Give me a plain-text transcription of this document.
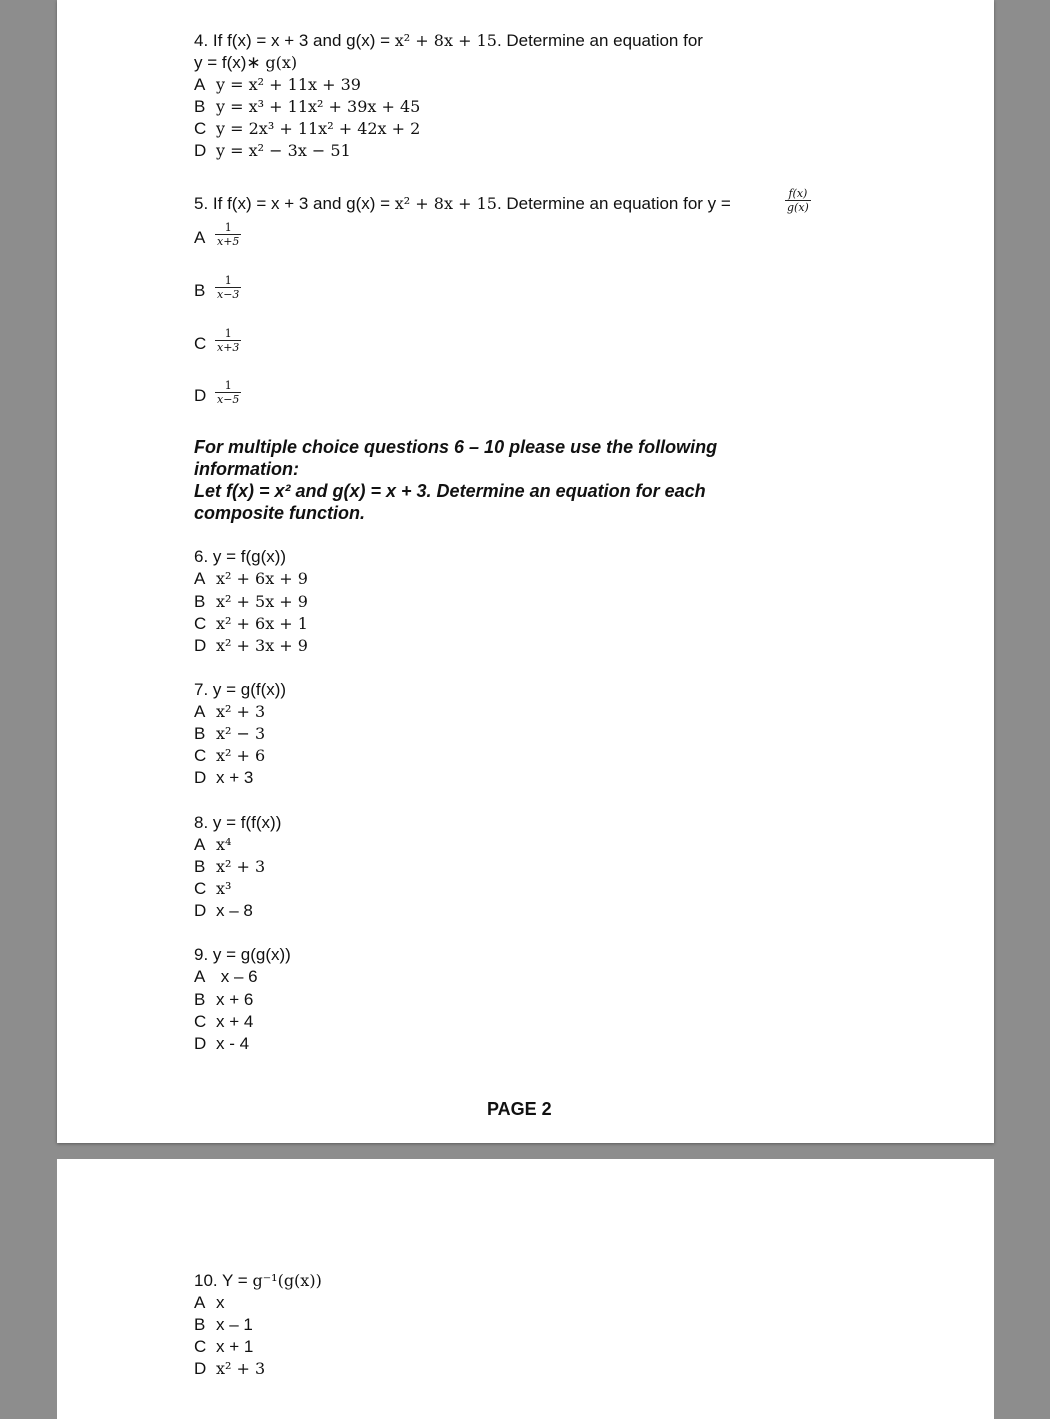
4. If f(x) = x + 3 and g(x) = x² + 8x + 15. Determine an equation for
y = f(x)∗ g(x)
A y = x² + 11x + 39
B y = x³ + 11x² + 39x + 45
C y = 2x³ + 11x² + 42x + 2
D y = x² − 3x − 51
5. If f(x) = x + 3 and g(x) = x² + 8x + 15. Determine an equation for y =
f(x)
g(x)
A
1
x+5
B
1
x−3
C
1
x+3
D
1
x−5
For multiple choice questions 6 – 10 please use the following
information:
Let f(x) = x² and g(x) = x + 3. Determine an equation for each
composite function.
6. y = f(g(x))
A x² + 6x + 9
B x² + 5x + 9
C x² + 6x + 1
D x² + 3x + 9
7. y = g(f(x))
A x² + 3
B x² − 3
C x² + 6
D x + 3
8. y = f(f(x))
A x⁴
B x² + 3
C x³
D x – 8
9. y = g(g(x))
A x – 6
B x + 6
C x + 4
D x - 4
PAGE 2
10. Y = g⁻¹(g(x))
A x
B x – 1
C x + 1
D x² + 3
